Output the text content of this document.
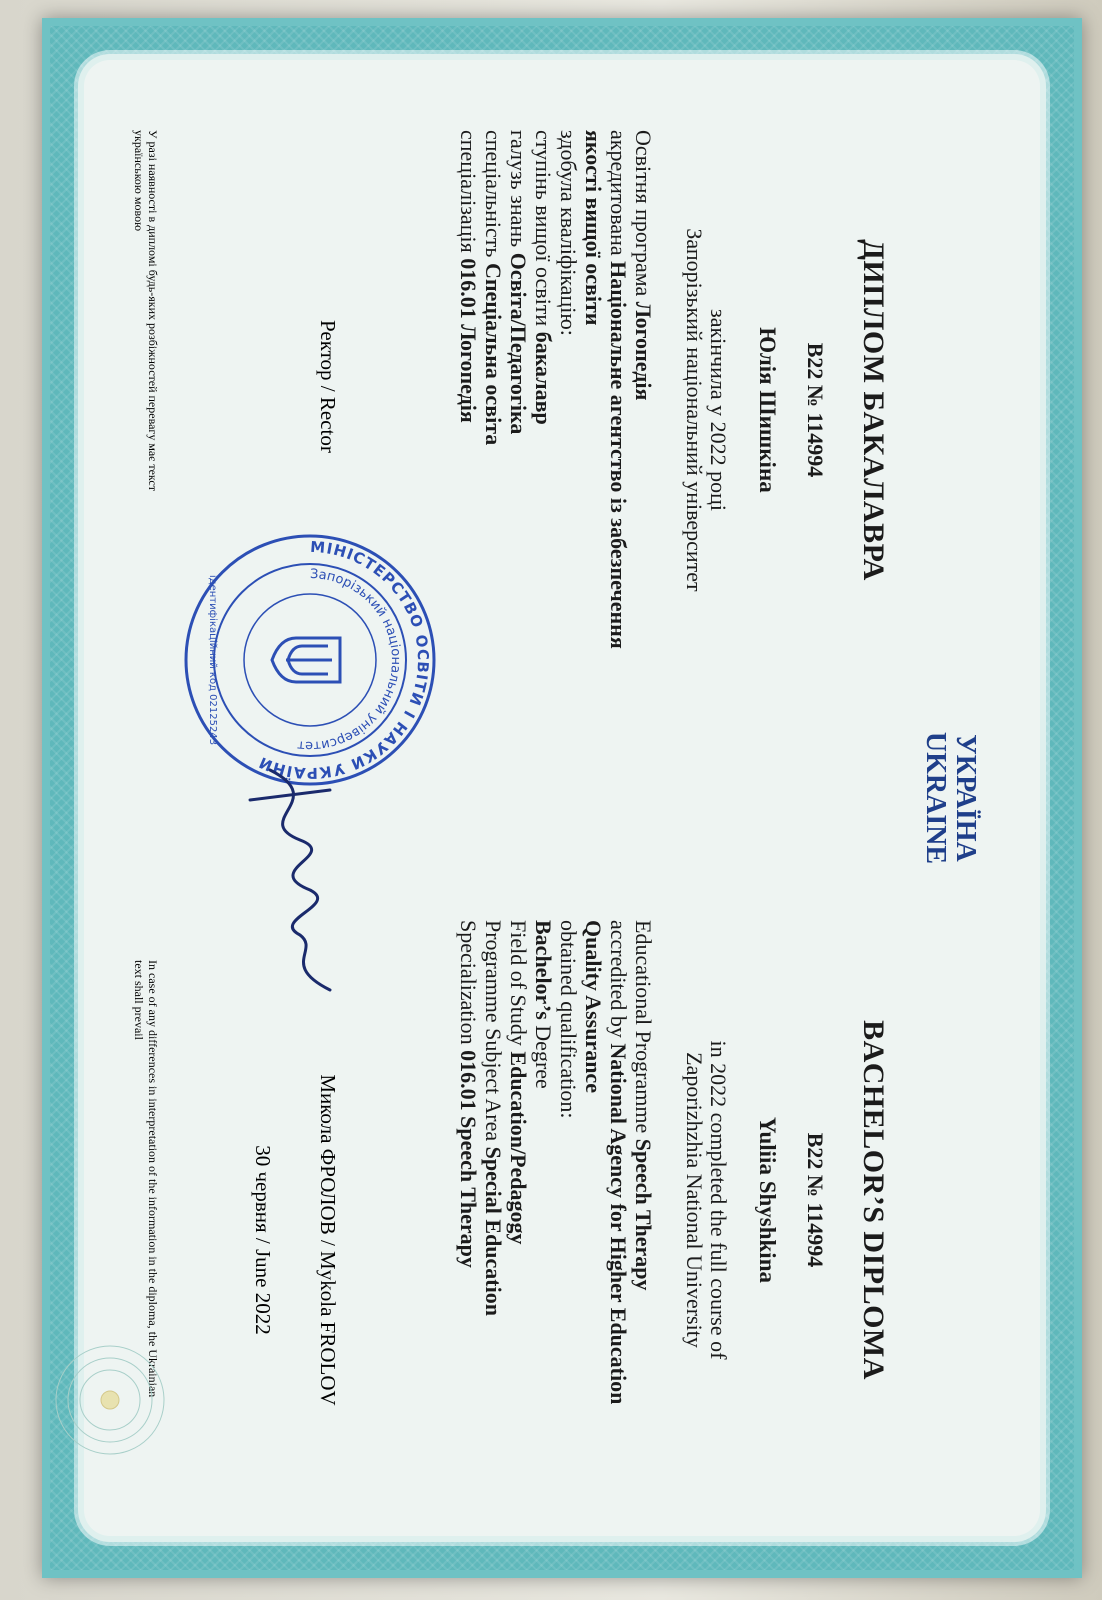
УКРАЇНА
UKRAINE
ДИПЛОМ БАКАЛАВРА
В22 № 114994
Юлія Шишкіна
закінчила у 2022 році
Запорізький національний університет
Освітня програма Логопедія
акредитована Національне агентство із забезпечення
якості вищої освіти
здобула кваліфікацію:
ступінь вищої освіти бакалавр
галузь знань Освіта/Педагогіка
спеціальність Спеціальна освіта
спеціалізація 016.01 Логопедія
BACHELOR’S DIPLOMA
В22 № 114994
Yuliia Shyshkina
in 2022 completed the full course of
Zaporizhzhia National University
Educational Programme Speech Therapy
accredited by National Agency for Higher Education
Quality Assurance
obtained qualification:
Bachelor’s Degree
Field of Study Education/Pedagogy
Programme Subject Area Special Education
Specialization 016.01 Speech Therapy
Ректор / Rector
Микола ФРОЛОВ / Mykola FROLOV
30 червня / June 2022
У разі наявності в дипломі будь-яких розбіжностей перевагу має текст українською мовою
In case of any differences in interpretation of the information in the diploma, the Ukrainian text shall prevail
МІНІСТЕРСТВО ОСВІТИ І НАУКИ УКРАЇНИ
Запорізький національний університет
ідентифікаційний код 02125243
